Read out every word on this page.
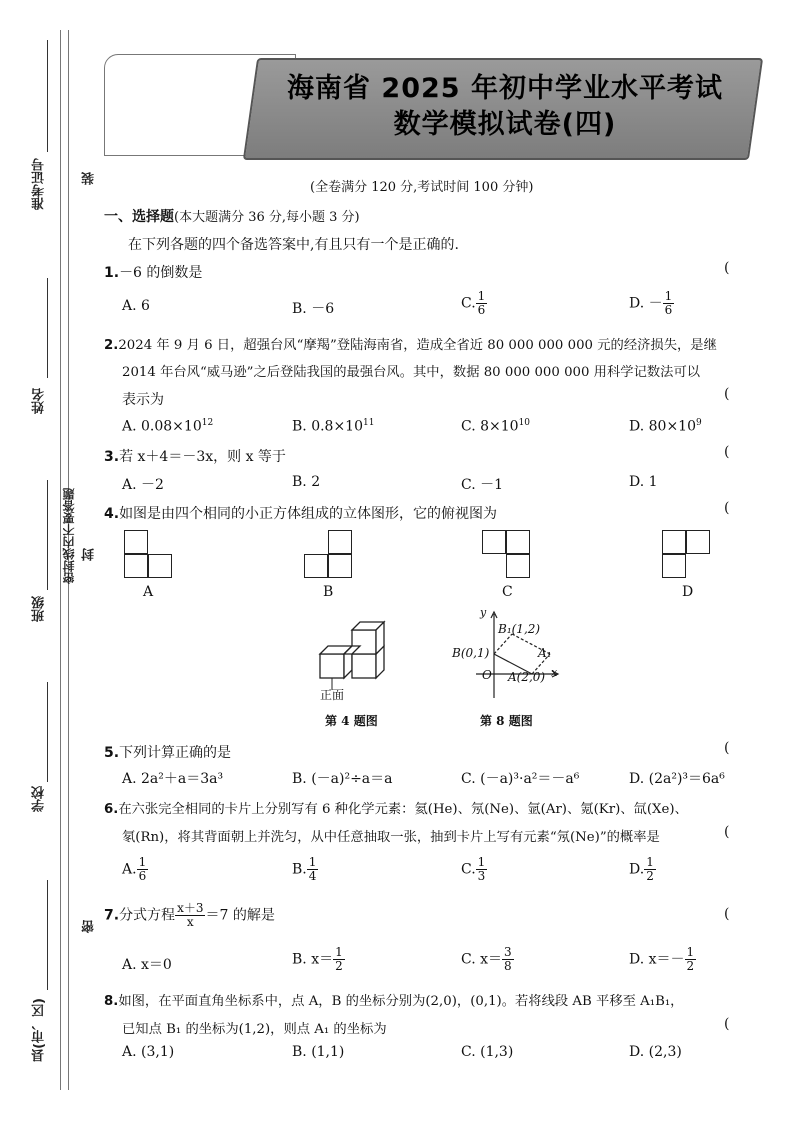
准考证号
姓名
班级
学校
县(市、区)
装
密封线内不要答题 封
密
海南省 2025 年初中学业水平考试
数学模拟试卷(四)
(全卷满分 120 分,考试时间 100 分钟)
一、选择题(本大题满分 36 分,每小题 3 分)
在下列各题的四个备选答案中,有且只有一个是正确的.
1.－6 的倒数是	(
A. 6	B. －6	C. $\frac{1}{6}$	D. － $\frac{1}{6}$
2.2024 年 9 月 6 日，超强台风“摩羯”登陆海南省，造成全省近 80 000 000 000 元的经济损失，是继
2014 年台风“威马逊”之后登陆我国的最强台风。其中，数据 80 000 000 000 用科学记数法可以
表示为	(
A. $0.08\times 10^{12}$	B. $0.8\times 10^{11}$	C. $8\times 10^{10}$	D. $80\times 10^9$
3.若 x＋4＝－3x，则 x 等于	(
A. －2	B. 2	C. －1	D. 1
4.如图是由四个相同的小正方体组成的立体图形，它的俯视图为	(
A	B	C	D
正面
第 4 题图
y
x
O
B₁(1,2)
B(0,1)	A₁
A(2,0)
第 8 题图
5.下列计算正确的是	(
A. 2a²＋a＝3a³	B. (－a)²÷a＝a	C. (－a)³·a²＝－a⁶	D. (2a²)³＝6a⁶
6.在六张完全相同的卡片上分别写有 6 种化学元素：氦(He)、氖(Ne)、氩(Ar)、氪(Kr)、氙(Xe)、
氡(Rn)，将其背面朝上并洗匀，从中任意抽取一张，抽到卡片上写有元素“氖(Ne)”的概率是	(
A. $\frac{1}{6}$	B. $\frac{1}{4}$	C. $\frac{1}{3}$	D. $\frac{1}{2}$
7.分式方程 $\frac{x+3}{x} =7$ 的解是	(
A. x＝0	B. $x= \frac{1}{2}$	C. $x= \frac{3}{8}$	D. $x=- \frac{1}{2}$
8.如图，在平面直角坐标系中，点 A，B 的坐标分别为(2,0)，(0,1)。若将线段 AB 平移至 A₁B₁，
已知点 B₁ 的坐标为(1,2)，则点 A₁ 的坐标为	(
A. (3,1)	B. (1,1)	C. (1,3)	D. (2,3)
